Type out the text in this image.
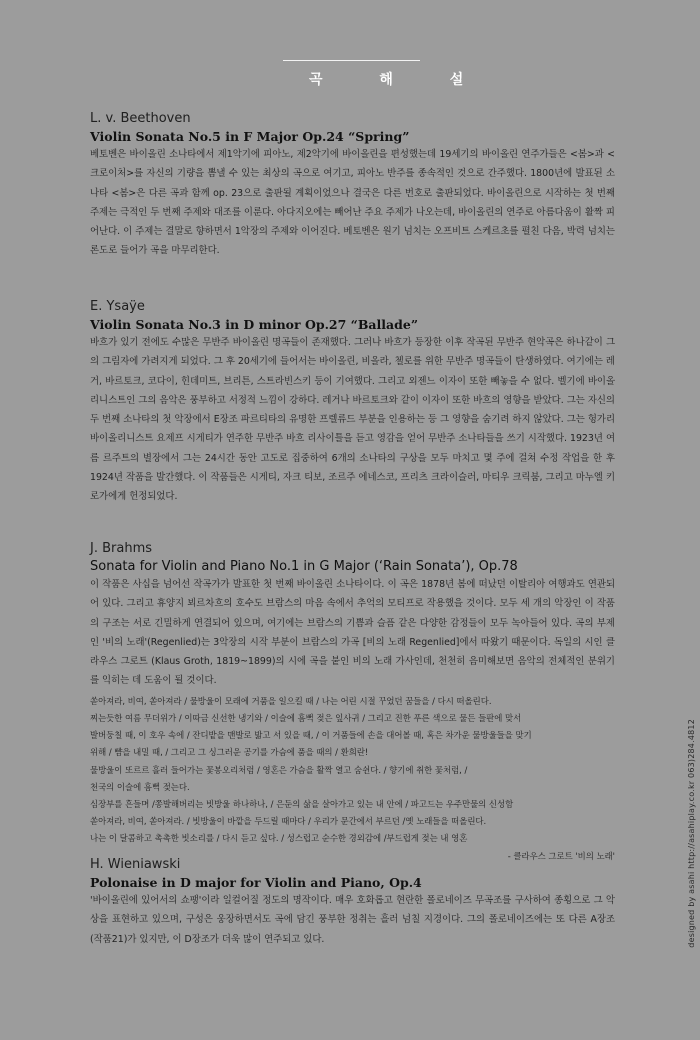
곡 해 설
L. v. Beethoven
Violin Sonata No.5 in F Major Op.24 “Spring”

베토벤은 바이올린 소나타에서 제1악기에 피아노, 제2악기에 바이올린을 편성했는데 19세기의 바이올린 연주가들은 <봄>과 <크로이처>를 자신의 기량을 뽐낼 수 있는 최상의 곡으로 여기고, 피아노 반주를 종속적인 것으로 간주했다. 1800년에 발표된 소나타 <봄>은 다른 곡과 함께 op. 23으로 출판될 계획이었으나 결국은 다른 번호로 출판되었다. 바이올린으로 시작하는 첫 번째 주제는 극적인 두 번째 주제와 대조를 이룬다. 아다지오에는 빼어난 주요 주제가 나오는데, 바이올린의 연주로 아름다움이 활짝 피어난다. 이 주제는 결말로 향하면서 1악장의 주제와 이어진다. 베토벤은 원기 넘치는 오프비트 스케르초를 펼친 다음, 박력 넘치는 론도로 들어가 곡을 마무리한다.

E. Ysaÿe
Violin Sonata No.3 in D minor Op.27 “Ballade”

바흐가 있기 전에도 수많은 무반주 바이올린 명곡들이 존재했다. 그러나 바흐가 등장한 이후 작곡된 무반주 현악곡은 하나같이 그의 그림자에 가려지게 되었다. 그 후 20세기에 들어서는 바이올린, 비올라, 첼로를 위한 무반주 명곡들이 탄생하였다. 여기에는 레거, 바르토크, 코다이, 힌데미트, 브리튼, 스트라빈스키 등이 기여했다. 그리고 외젠느 이자이 또한 빼놓을 수 없다. 벨기에 바이올리니스트인 그의 음악은 풍부하고 서정적 느낌이 강하다. 레거나 바르토크와 같이 이자이 또한 바흐의 영향을 받았다. 그는 자신의 두 번째 소나타의 첫 악장에서 E장조 파르티타의 유명한 프렐류드 부분을 인용하는 등 그 영향을 숨기려 하지 않았다. 그는 헝가리 바이올리니스트 요제프 시게티가 연주한 무반주 바흐 리사이틀을 듣고 영감을 얻어 무반주 소나타들을 쓰기 시작했다. 1923년 여름 르주트의 별장에서 그는 24시간 동안 고도로 집중하여 6개의 소나타의 구상을 모두 마치고 몇 주에 걸쳐 수정 작업을 한 후 1924년 작품을 발간했다. 이 작품들은 시게티, 자크 티보, 조르주 에네스코, 프리츠 크라이슬러, 마티우 크릭붐, 그리고 마누엘 키로가에게 헌정되었다.

J. Brahms
Sonata for Violin and Piano No.1 in G Major (‘Rain Sonata’), Op.78

이 작품은 사십을 넘어선 작곡가가 발표한 첫 번째 바이올린 소나타이다. 이 곡은 1878년 봄에 떠났던 이탈리아 여행과도 연관되어 있다. 그리고 휴양지 뵈르차흐의 호수도 브람스의 마음 속에서 추억의 모티프로 작용했을 것이다. 모두 세 개의 악장인 이 작품의 구조는 서로 긴밀하게 연결되어 있으며, 여기에는 브람스의 기쁨과 슬픔 같은 다양한 감정들이 모두 녹아들어 있다. 곡의 부제인 '비의 노래'(Regenlied)는 3악장의 시작 부분이 브람스의 가곡 [비의 노래 Regenlied]에서 따왔기 때문이다. 독일의 시인 클라우스 그로트 (Klaus Groth, 1819~1899)의 시에 곡을 붙인 비의 노래 가사인데, 천천히 음미해보면 음악의 전체적인 분위기를 익히는 데 도움이 될 것이다.

쏟아져라, 비여, 쏟아져라 / 물방울이 모래에 거품을 일으킬 때 / 나는 어린 시절 꾸었던 꿈들을 / 다시 떠올린다.
찌는듯한 여름 무더위가 / 이따금 신선한 냉기와 / 이슬에 흠뻑 젖은 잎사귀 / 그리고 진한 푸른 색으로 물든 들판에 맞서
발버둥칠 때, 이 호우 속에 / 잔디밭을 맨발로 밟고 서 있을 때, / 이 거품들에 손을 대어볼 때, 혹은 차가운 물방울들을 맞기
위해 / 뺨을 내밀 때, / 그리고 그 싱그러운 공기를 가슴에 품을 때의 / 환희란!
물방울이 또르르 흘러 들어가는 꽃봉오리처럼 / 영혼은 가슴을 활짝 열고 숨쉰다. / 향기에 취한 꽃처럼, /
천국의 이슬에 흠뻑 젖는다.
심장부를 흔들며 /쫑발해버리는 빗방울 하나하나, / 은둔의 삶을 살아가고 있는 내 안에 / 파고드는 우주만물의 신성함
쏟아져라, 비여, 쏟아져라. / 빗방울이 바깥을 두드릴 때마다 / 우리가 문간에서 부르던 /옛 노래들을 떠올린다.
나는 이 달콤하고 촉촉한 빗소리를 / 다시 듣고 싶다. / 성스럽고 순수한 경외감에 /부드럽게 젖는 내 영혼
- 클라우스 그로트 '비의 노래'
H. Wieniawski
Polonaise in D major for Violin and Piano, Op.4

'바이올린에 있어서의 쇼팽'이라 일컬어질 정도의 명작이다. 매우 호화롭고 현란한 폴로네이즈 무곡조를 구사하여 종횡으로 그 악상을 표현하고 있으며, 구성은 웅장하면서도 곡에 담긴 풍부한 정취는 흘러 넘칠 지경이다. 그의 폴로네이즈에는 또 다른 A장조(작품21)가 있지만, 이 D장조가 더욱 많이 연주되고 있다.	designed by asahi http://asahiplay.co.kr 063)284.4812
